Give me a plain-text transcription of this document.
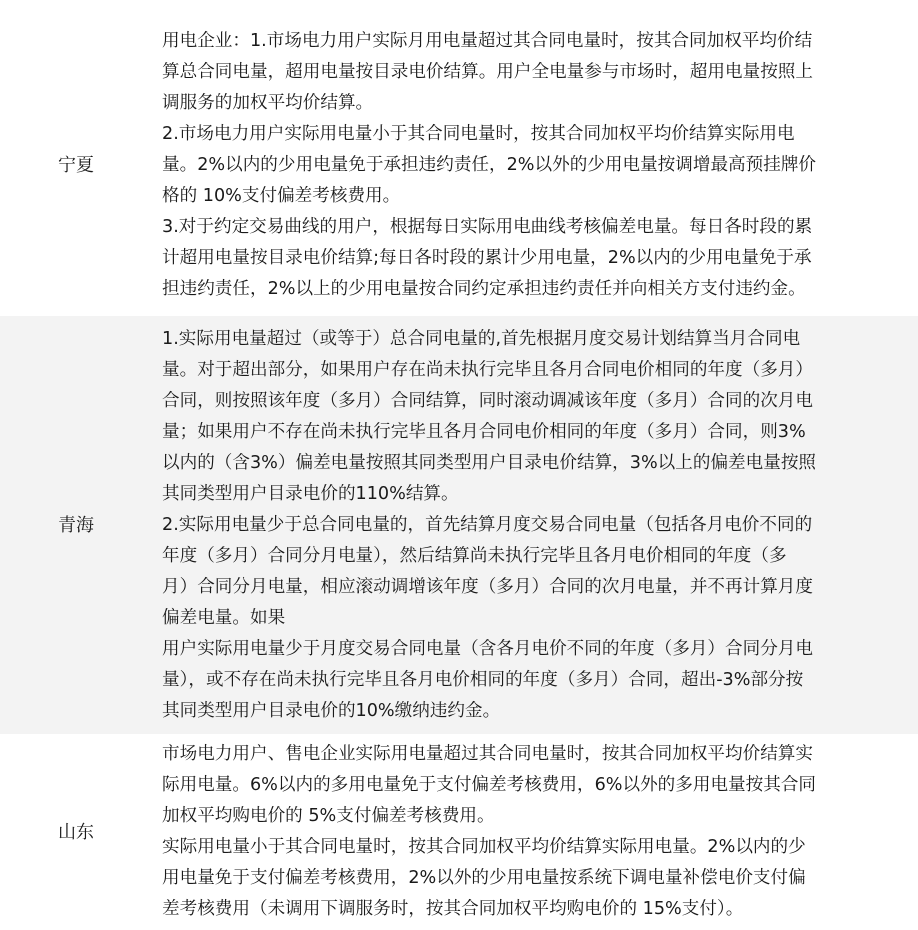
宁夏
用电企业：1.市场电力用户实际月用电量超过其合同电量时，按其合同加权平均价结
算总合同电量，超用电量按目录电价结算。用户全电量参与市场时，超用电量按照上
调服务的加权平均价结算。
2.市场电力用户实际用电量小于其合同电量时，按其合同加权平均价结算实际用电
量。2%以内的少用电量免于承担违约责任，2%以外的少用电量按调增最高预挂牌价
格的 10%支付偏差考核费用。
3.对于约定交易曲线的用户，根据每日实际用电曲线考核偏差电量。每日各时段的累
计超用电量按目录电价结算;每日各时段的累计少用电量，2%以内的少用电量免于承
担违约责任，2%以上的少用电量按合同约定承担违约责任并向相关方支付违约金。
青海
1.实际用电量超过（或等于）总合同电量的,首先根据月度交易计划结算当月合同电
量。对于超出部分，如果用户存在尚未执行完毕且各月合同电价相同的年度（多月）
合同，则按照该年度（多月）合同结算，同时滚动调减该年度（多月）合同的次月电
量；如果用户不存在尚未执行完毕且各月合同电价相同的年度（多月）合同，则3%
以内的（含3%）偏差电量按照其同类型用户目录电价结算，3%以上的偏差电量按照
其同类型用户目录电价的110%结算。
2.实际用电量少于总合同电量的，首先结算月度交易合同电量（包括各月电价不同的
年度（多月）合同分月电量），然后结算尚未执行完毕且各月电价相同的年度（多
月）合同分月电量，相应滚动调增该年度（多月）合同的次月电量，并不再计算月度
偏差电量。如果
用户实际用电量少于月度交易合同电量（含各月电价不同的年度（多月）合同分月电
量），或不存在尚未执行完毕且各月电价相同的年度（多月）合同，超出-3%部分按
其同类型用户目录电价的10%缴纳违约金。
山东
市场电力用户、售电企业实际用电量超过其合同电量时，按其合同加权平均价结算实
际用电量。6%以内的多用电量免于支付偏差考核费用，6%以外的多用电量按其合同
加权平均购电价的 5%支付偏差考核费用。
实际用电量小于其合同电量时，按其合同加权平均价结算实际用电量。2%以内的少
用电量免于支付偏差考核费用，2%以外的少用电量按系统下调电量补偿电价支付偏
差考核费用（未调用下调服务时，按其合同加权平均购电价的 15%支付）。
